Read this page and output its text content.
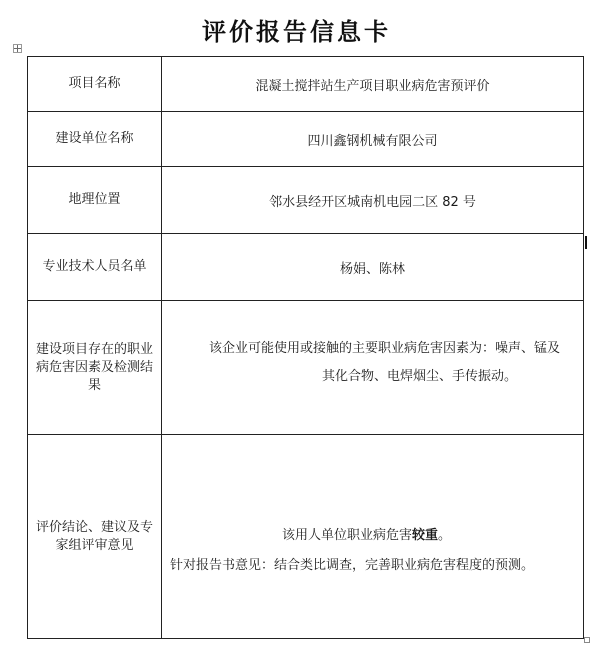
评价报告信息卡
项目名称	混凝土搅拌站生产项目职业病危害预评价
建设单位名称	四川鑫钢机械有限公司
地理位置	邻水县经开区城南机电园二区 82 号
专业技术人员名单	杨娟、陈林
建设项目存在的职业病危害因素及检测结果	该企业可能使用或接触的主要职业病危害因素为：噪声、锰及
其化合物、电焊烟尘、手传振动。

评价结论、建议及专家组评审意见	该用人单位职业病危害较重。
针对报告书意见：结合类比调查，完善职业病危害程度的预测。
